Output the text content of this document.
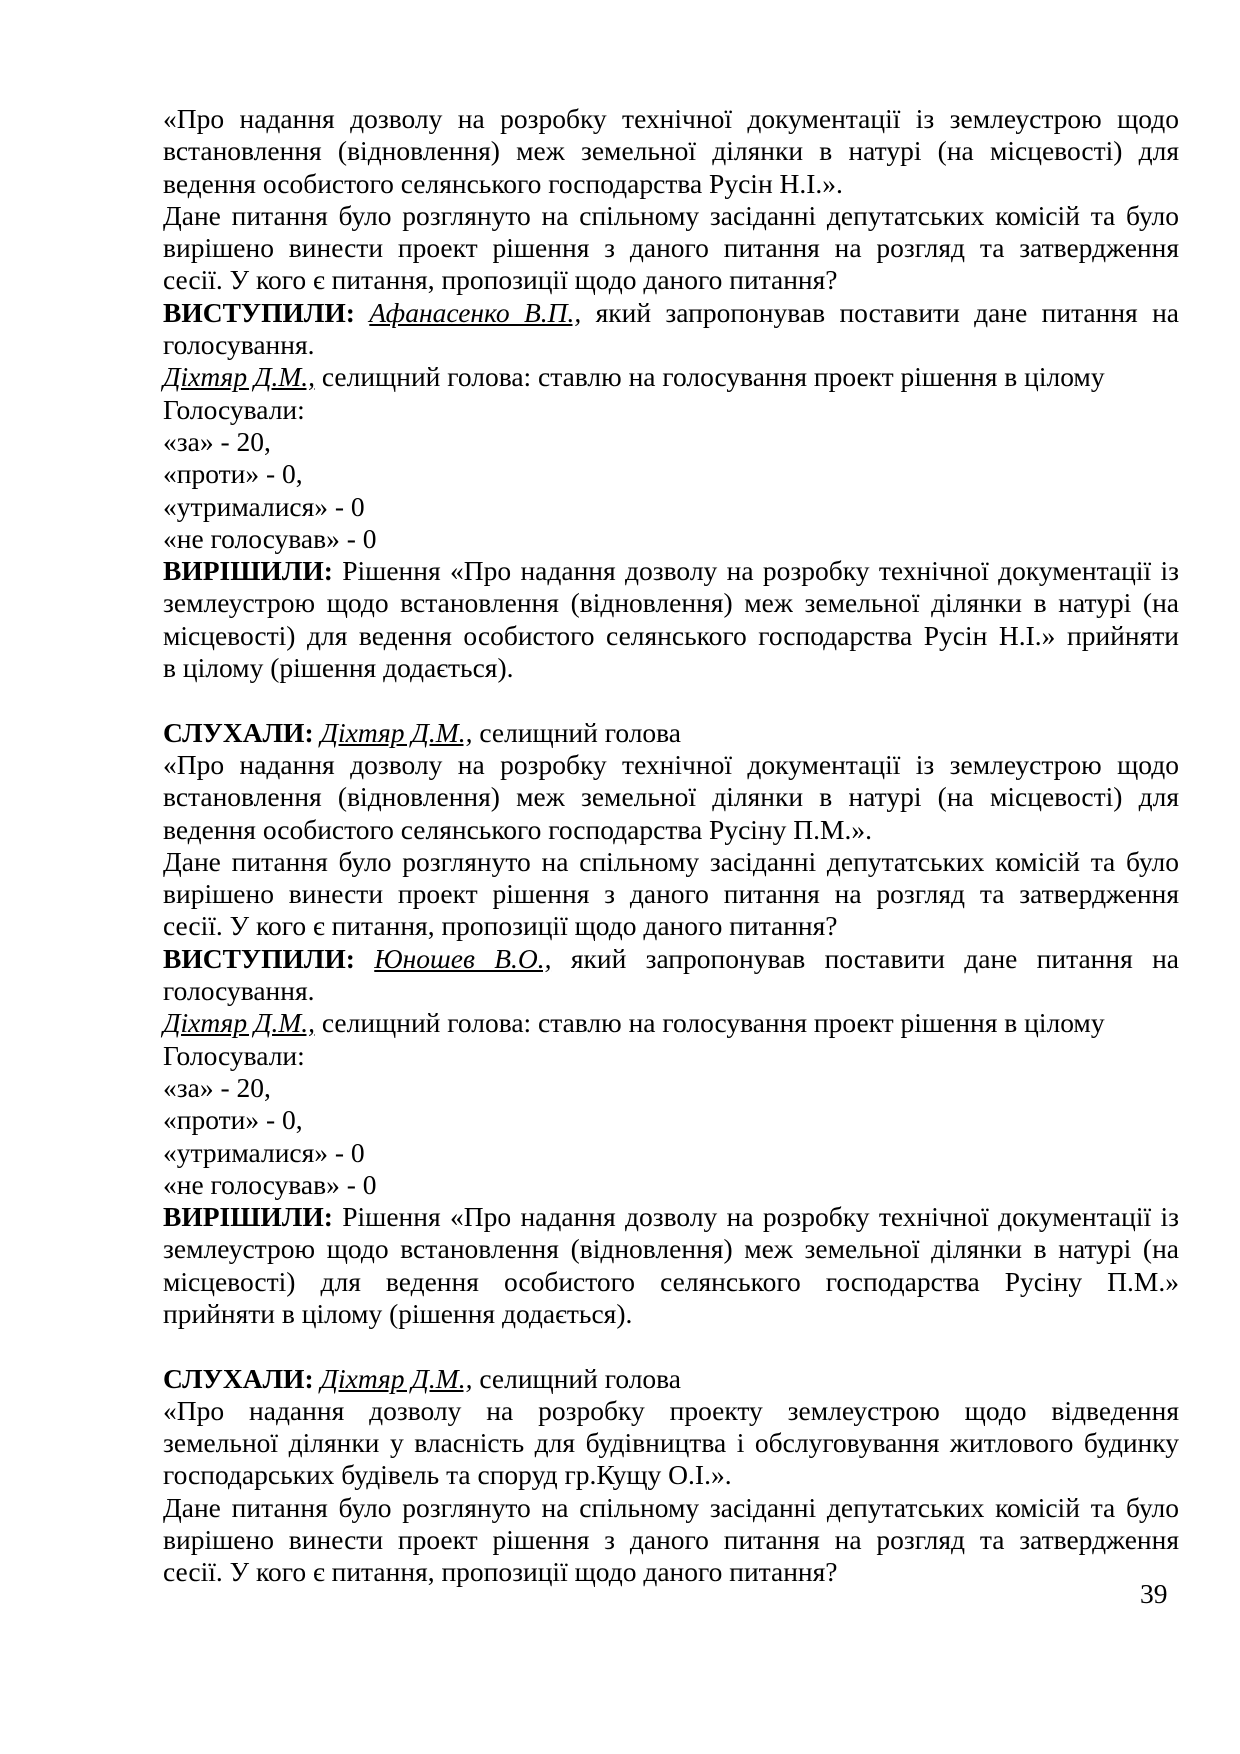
«Про надання дозволу на розробку технічної документації із землеустрою щодо
встановлення (відновлення) меж земельної ділянки в натурі (на місцевості) для
ведення особистого селянського господарства Русін Н.І.».
Дане питання було розглянуто на спільному засіданні депутатських комісій та було
вирішено винести проект рішення з даного питання на розгляд та затвердження
сесії. У кого є питання, пропозиції щодо даного питання?
ВИСТУПИЛИ: Афанасенко В.П., який запропонував поставити дане питання на
голосування.
Діхтяр Д.М., селищний голова: ставлю на голосування проект рішення в цілому
Голосували:
«за» - 20,
«проти» - 0,
«утрималися» - 0
«не голосував» - 0
ВИРІШИЛИ: Рішення «Про надання дозволу на розробку технічної документації із
землеустрою щодо встановлення (відновлення) меж земельної ділянки в натурі (на
місцевості) для ведення особистого селянського господарства Русін Н.І.» прийняти
в цілому (рішення додається).
СЛУХАЛИ: Діхтяр Д.М., селищний голова
«Про надання дозволу на розробку технічної документації із землеустрою щодо
встановлення (відновлення) меж земельної ділянки в натурі (на місцевості) для
ведення особистого селянського господарства Русіну П.М.».
Дане питання було розглянуто на спільному засіданні депутатських комісій та було
вирішено винести проект рішення з даного питання на розгляд та затвердження
сесії. У кого є питання, пропозиції щодо даного питання?
ВИСТУПИЛИ: Юношев В.О., який запропонував поставити дане питання на
голосування.
Діхтяр Д.М., селищний голова: ставлю на голосування проект рішення в цілому
Голосували:
«за» - 20,
«проти» - 0,
«утрималися» - 0
«не голосував» - 0
ВИРІШИЛИ: Рішення «Про надання дозволу на розробку технічної документації із
землеустрою щодо встановлення (відновлення) меж земельної ділянки в натурі (на
місцевості) для ведення особистого селянського господарства Русіну П.М.»
прийняти в цілому (рішення додається).
СЛУХАЛИ: Діхтяр Д.М., селищний голова
«Про надання дозволу на розробку проекту землеустрою щодо відведення
земельної ділянки у власність для будівництва і обслуговування житлового будинку
господарських будівель та споруд гр.Кущу О.І.».
Дане питання було розглянуто на спільному засіданні депутатських комісій та було
вирішено винести проект рішення з даного питання на розгляд та затвердження
сесії. У кого є питання, пропозиції щодо даного питання?
39
